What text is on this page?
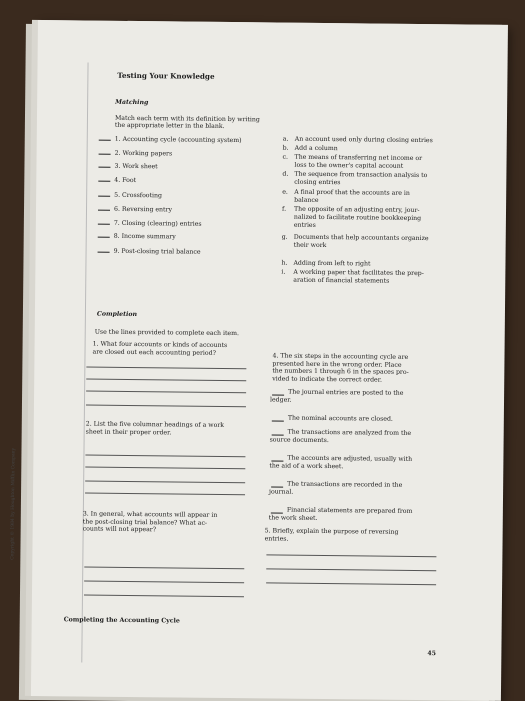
Testing Your Knowledge
Matching
Match each term with its definition by writing
the appropriate letter in the blank.
1. Accounting cycle (accounting system)
2. Working papers
3. Work sheet
4. Foot
5. Crossfooting
6. Reversing entry
7. Closing (clearing) entries
8. Income summary
9. Post-closing trial balance
a. An account used only during closing entries
b. Add a column
c. The means of transferring net income or
loss to the owner's capital account
d. The sequence from transaction analysis to
closing entries
e. A final proof that the accounts are in
balance
f. The opposite of an adjusting entry, jour-
nalized to facilitate routine bookkeeping
entries
g. Documents that help accountants organize
their work
h. Adding from left to right
i. A working paper that facilitates the prep-
aration of financial statements
Completion
Use the lines provided to complete each item.
1. What four accounts or kinds of accounts
are closed out each accounting period?
2. List the five columnar headings of a work
sheet in their proper order.
3. In general, what accounts will appear in
the post-closing trial balance? What ac-
counts will not appear?
4. The six steps in the accounting cycle are
presented here in the wrong order. Place
the numbers 1 through 6 in the spaces pro-
vided to indicate the correct order.
The journal entries are posted to the
ledger.
The nominal accounts are closed.
The transactions are analyzed from the
source documents.
The accounts are adjusted, usually with
the aid of a work sheet.
The transactions are recorded in the
journal.
Financial statements are prepared from
the work sheet.
5. Briefly, explain the purpose of reversing
entries.
Completing the Accounting Cycle
45
Copyright © 1984 by Houghton Mifflin Company
